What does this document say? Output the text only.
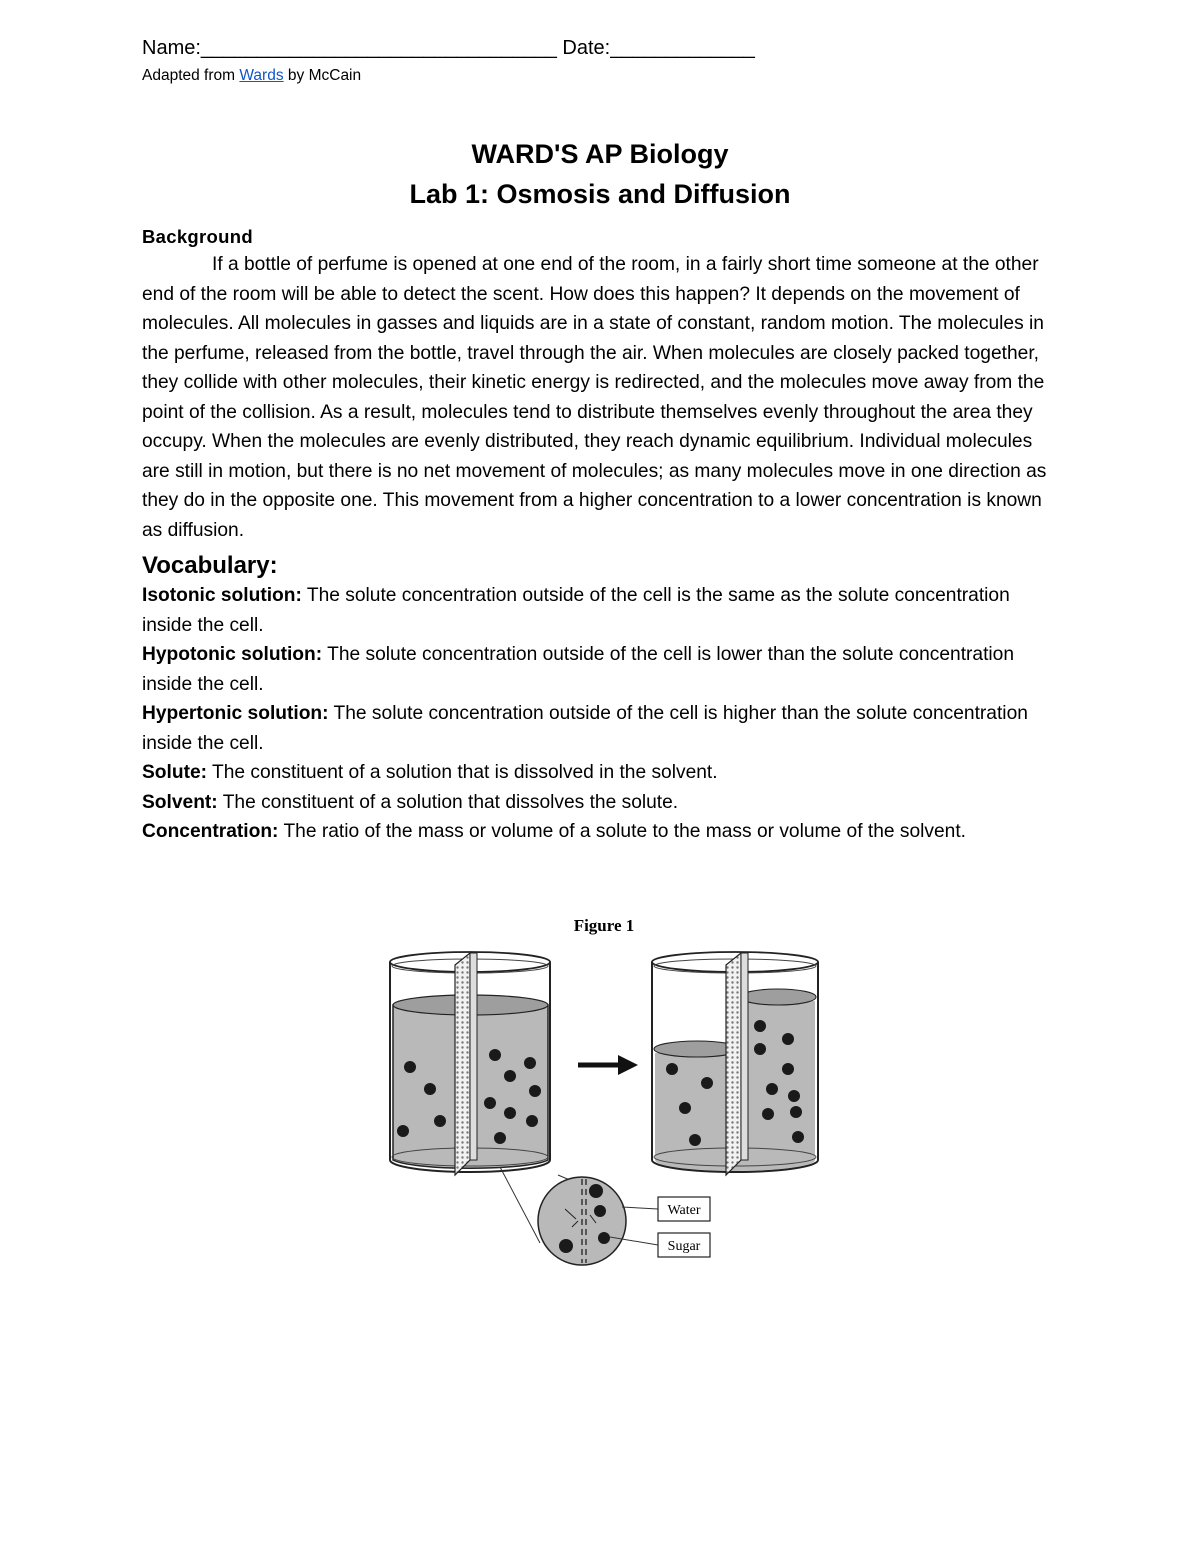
Name:________________________________ Date:_____________
Adapted from Wards by McCain
WARD'S AP Biology
Lab 1: Osmosis and Diffusion
Background

If a bottle of perfume is opened at one end of the room, in a fairly short time someone at the other end of the room will be able to detect the scent. How does this happen? It depends on the movement of molecules. All molecules in gasses and liquids are in a state of constant, random motion. The molecules in the perfume, released from the bottle, travel through the air. When molecules are closely packed together, they collide with other molecules, their kinetic energy is redirected, and the molecules move away from the point of the collision. As a result, molecules tend to distribute themselves evenly throughout the area they occupy. When the molecules are evenly distributed, they reach dynamic equilibrium. Individual molecules are still in motion, but there is no net movement of molecules; as many molecules move in one direction as they do in the opposite one. This movement from a higher concentration to a lower concentration is known as diffusion.

Vocabulary:

Isotonic solution: The solute concentration outside of the cell is the same as the solute concentration inside the cell.

Hypotonic solution: The solute concentration outside of the cell is lower than the solute concentration inside the cell.

Hypertonic solution: The solute concentration outside of the cell is higher than the solute concentration inside the cell.

Solute: The constituent of a solution that is dissolved in the solvent.

Solvent: The constituent of a solution that dissolves the solute.

Concentration: The ratio of the mass or volume of a solute to the mass or volume of the solvent.

Figure 1
Water
Sugar
